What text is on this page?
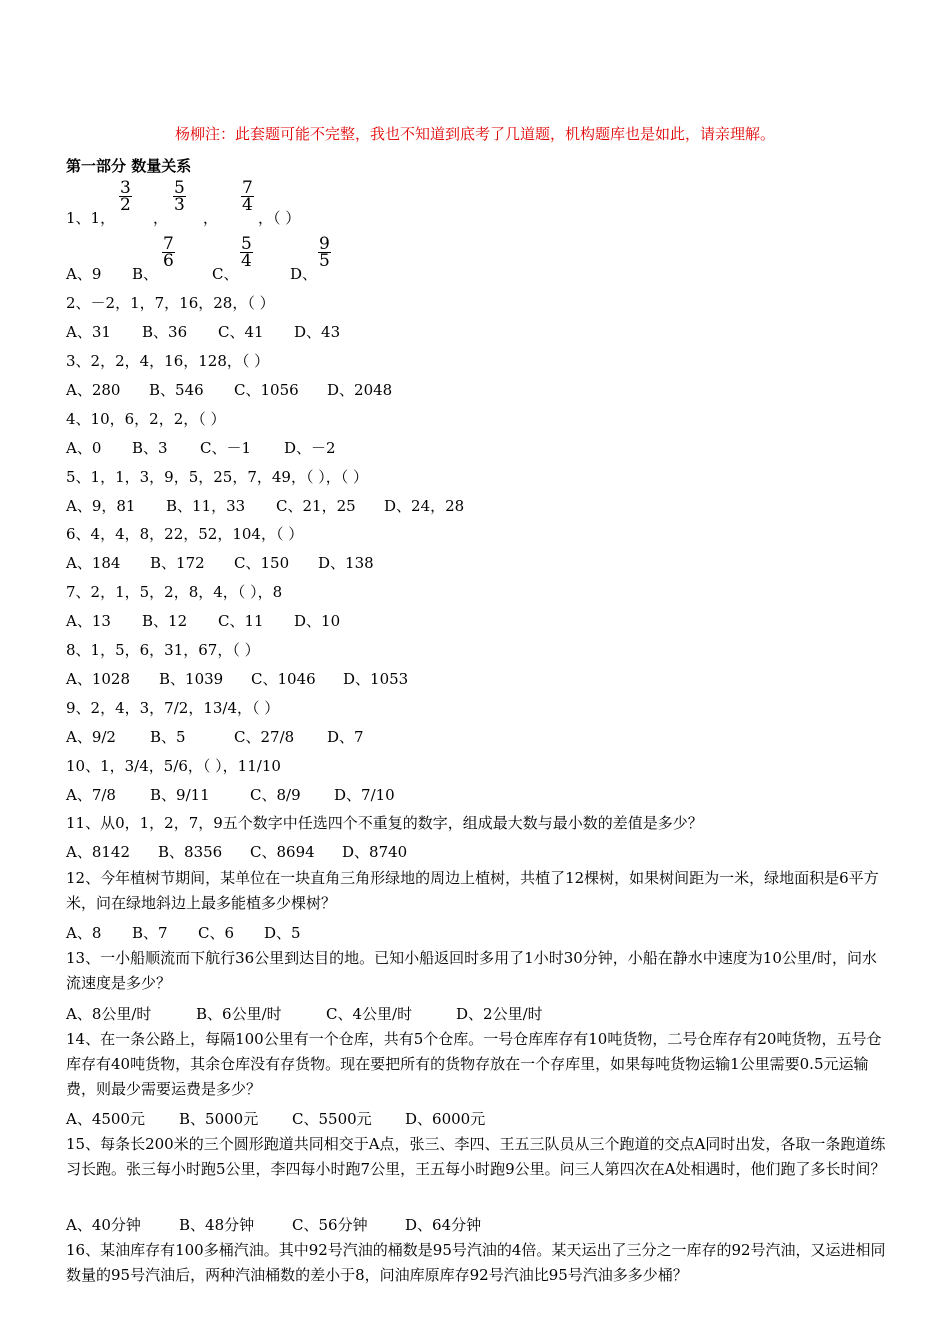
杨柳注：此套题可能不完整，我也不知道到底考了几道题，机构题库也是如此，请亲理解。
第一部分 数量关系
1、1，
$\frac{3}{2}$
，
$\frac{5}{3}$
，
$\frac{7}{4}$
，（ ）
A、9 B、
$\frac{7}{6}$
C、
$\frac{5}{4}$
D、
$\frac{9}{5}$
2、－2，1，7，16，28，（ ）
A、31 B、36 C、41 D、43
3、2，2，4，16，128，（ ）
A、280 B、546 C、1056 D、2048
4、10，6，2，2，（ ）
A、0 B、3 C、－1 D、－2
5、1，1，3，9，5，25，7，49，（ ），（ ）
A、9，81 B、11，33 C、21，25 D、24，28
6、4，4，8，22，52，104，（ ）
A、184 B、172 C、150 D、138
7、2，1，5，2，8，4，（ ），8
A、13 B、12 C、11 D、10
8、1，5，6，31，67，（ ）
A、1028 B、1039 C、1046 D、1053
9、2，4，3，7/2，13/4，（ ）
A、9/2 B、5	C、27/8 D、7
10、1，3/4，5/6，（ ），11/10
A、7/8 B、9/11	C、8/9 D、7/10
11、从0，1，2，7，9五个数字中任选四个不重复的数字，组成最大数与最小数的差值是多少？
A、8142 B、8356 C、8694 D、8740
12、今年植树节期间，某单位在一块直角三角形绿地的周边上植树，共植了12棵树，如果树间距为一米，绿地面积是6平方米，问在绿地斜边上最多能植多少棵树？
A、8 B、7 C、6 D、5
13、一小船顺流而下航行36公里到达目的地。已知小船返回时多用了1小时30分钟，小船在静水中速度为10公里/时，问水流速度是多少？
A、8公里/时	B、6公里/时	C、4公里/时	D、2公里/时
14、在一条公路上，每隔100公里有一个仓库，共有5个仓库。一号仓库库存有10吨货物，二号仓库存有20吨货物，五号仓库存有40吨货物，其余仓库没有存货物。现在要把所有的货物存放在一个存库里，如果每吨货物运输1公里需要0.5元运输费，则最少需要运费是多少？
A、4500元 B、5000元 C、5500元 D、6000元
15、每条长200米的三个圆形跑道共同相交于A点，张三、李四、王五三队员从三个跑道的交点A同时出发，各取一条跑道练习长跑。张三每小时跑5公里，李四每小时跑7公里，王五每小时跑9公里。问三人第四次在A处相遇时，他们跑了多长时间？
A、40分钟	B、48分钟	C、56分钟 D、64分钟
16、某油库存有100多桶汽油。其中92号汽油的桶数是95号汽油的4倍。某天运出了三分之一库存的92号汽油，又运进相同数量的95号汽油后，两种汽油桶数的差小于8，问油库原库存92号汽油比95号汽油多多少桶？
